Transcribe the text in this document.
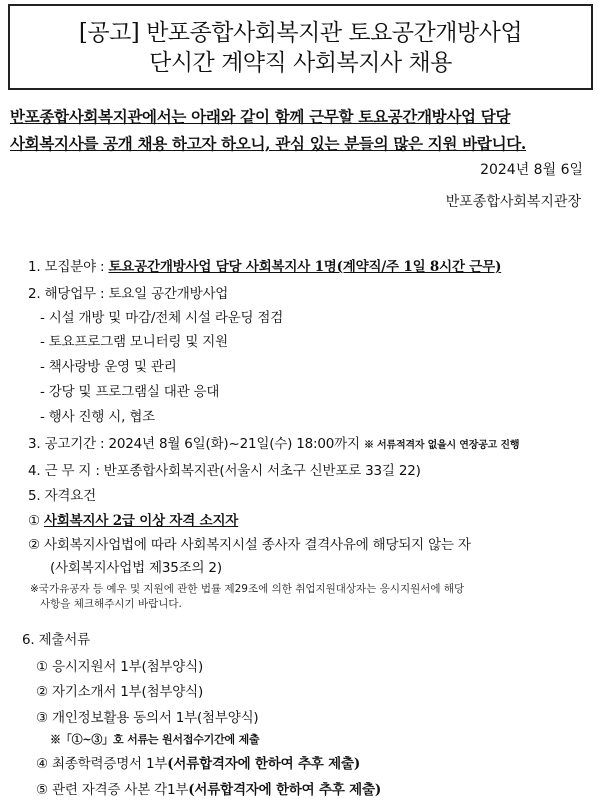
[공고] 반포종합사회복지관 토요공간개방사업
단시간 계약직 사회복지사 채용
반포종합사회복지관에서는 아래와 같이 함께 근무할 토요공간개방사업 담당
사회복지사를 공개 채용 하고자 하오니, 관심 있는 분들의 많은 지원 바랍니다.
2024년 8월 6일
반포종합사회복지관장
1. 모집분야 : 토요공간개방사업 담당 사회복지사 1명(계약직/주 1일 8시간 근무)
2. 해당업무 : 토요일 공간개방사업
- 시설 개방 및 마감/전체 시설 라운딩 점검
- 토요프로그램 모니터링 및 지원
- 책사랑방 운영 및 관리
- 강당 및 프로그램실 대관 응대
- 행사 진행 시, 협조
3. 공고기간 : 2024년 8월 6일(화)~21일(수) 18:00까지 ※ 서류적격자 없을시 연장공고 진행
4. 근 무 지 : 반포종합사회복지관(서울시 서초구 신반포로 33길 22)
5. 자격요건
① 사회복지사 2급 이상 자격 소지자
② 사회복지사업법에 따라 사회복지시설 종사자 결격사유에 해당되지 않는 자
(사회복지사업법 제35조의 2)
※국가유공자 등 예우 및 지원에 관한 법률 제29조에 의한 취업지원대상자는 응시지원서에 해당
사항을 체크해주시기 바랍니다.
6. 제출서류
① 응시지원서 1부(첨부양식)
② 자기소개서 1부(첨부양식)
③ 개인정보활용 동의서 1부(첨부양식)
※「①~③」호 서류는 원서접수기간에 제출
④ 최종학력증명서 1부(서류합격자에 한하여 추후 제출)
⑤ 관련 자격증 사본 각1부(서류합격자에 한하여 추후 제출)
